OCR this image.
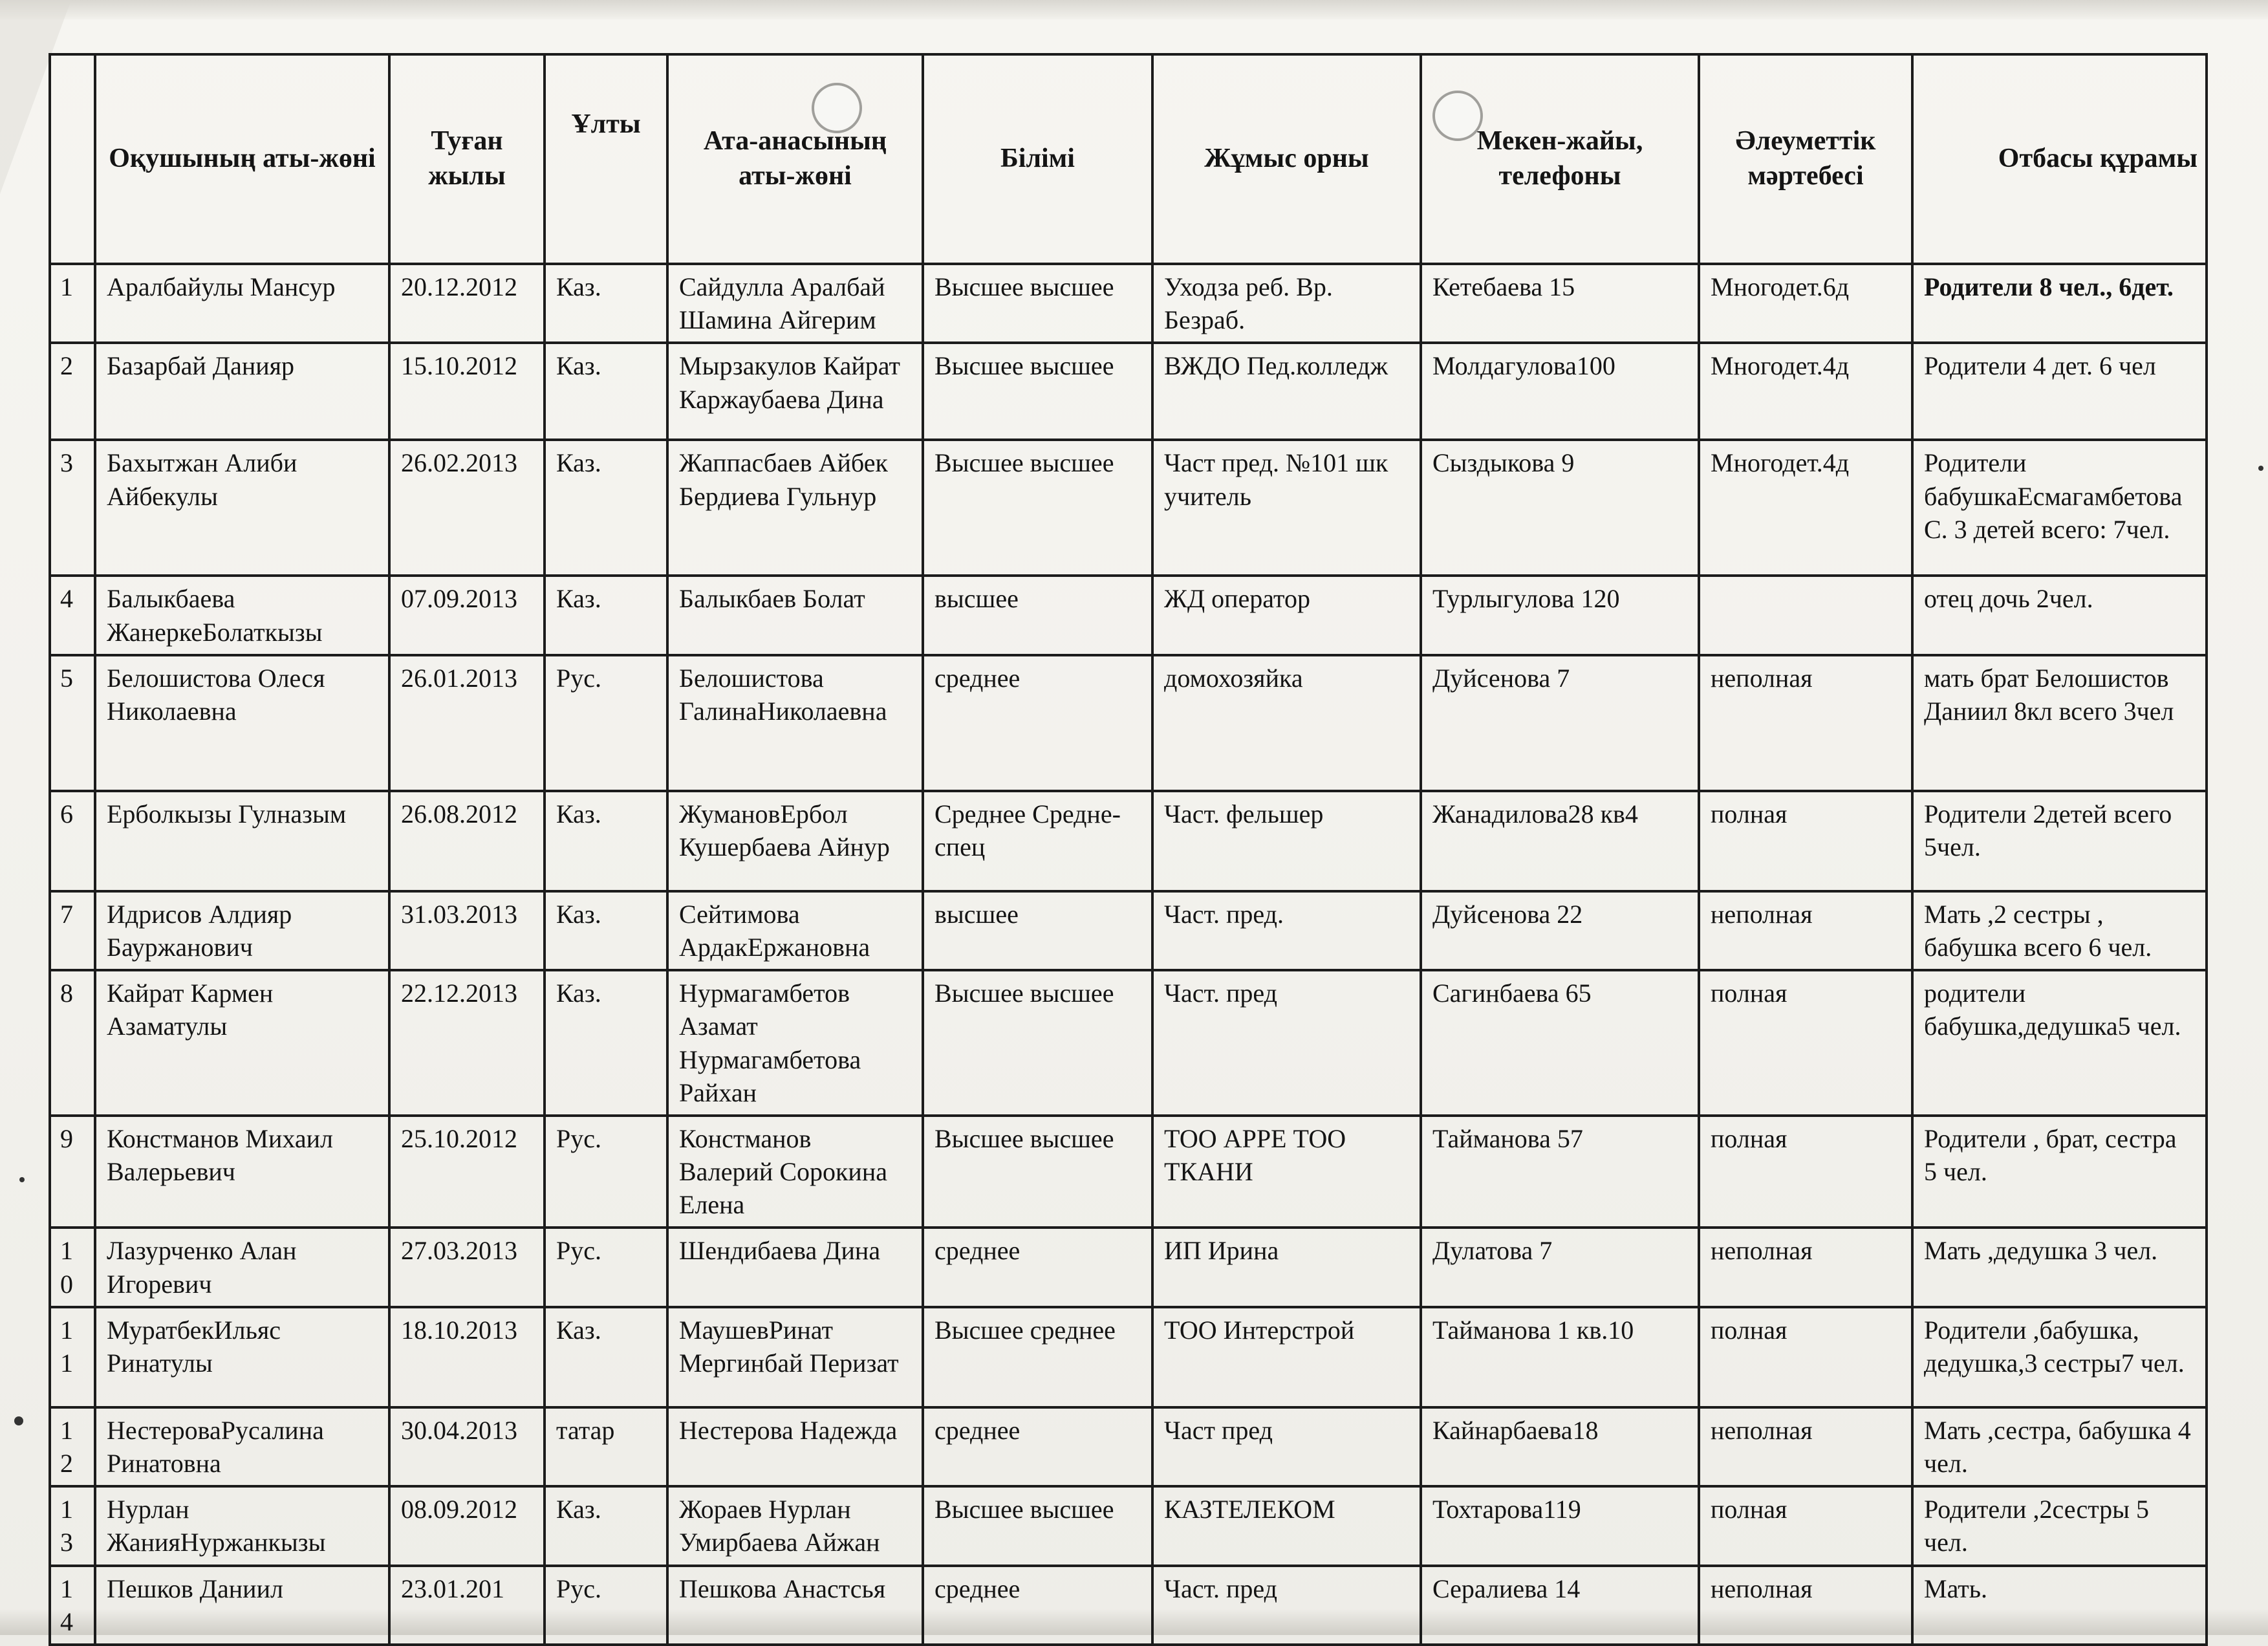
	Оқушының аты-жөні	Туған жылы	Ұлты	Ата-анасының аты-жөні	Білімі	Жұмыс орны	Мекен-жайы, телефоны	Әлеуметтік мәртебесі	Отбасы құрамы
1	Аралбайулы Мансур	20.12.2012	Каз.	Сайдулла Аралбай Шамина Айгерим	Высшее высшее	Уходза реб. Вр. Безраб.	Кетебаева 15	Многодет.6д	Родители 8 чел., 6дет.
2	Базарбай Данияр	15.10.2012	Каз.	Мырзакулов Кайрат Каржаубаева Дина	Высшее высшее	ВЖДО Пед.колледж	Молдагулова100	Многодет.4д	Родители 4 дет. 6 чел
3	Бахытжан Алиби Айбекулы	26.02.2013	Каз.	Жаппасбаев Айбек Бердиева Гульнур	Высшее высшее	Част пред. №101 шк учитель	Сыздыкова 9	Многодет.4д	Родители бабушкаЕсмагамбетова С. 3 детей всего: 7чел.
4	Балыкбаева ЖанеркеБолаткызы	07.09.2013	Каз.	Балыкбаев Болат	высшее	ЖД оператор	Турлыгулова 120		отец дочь 2чел.
5	Белошистова Олеся Николаевна	26.01.2013	Рус.	Белошистова ГалинаНиколаевна	среднее	домохозяйка	Дуйсенова 7	неполная	мать брат Белошистов Даниил 8кл всего 3чел
6	Ерболкызы Гулназым	26.08.2012	Каз.	ЖумановЕрбол Кушербаева Айнур	Среднее Средне-спец	Част. фельшер	Жанадилова28 кв4	полная	Родители 2детей всего 5чел.
7	Идрисов Алдияр Бауржанович	31.03.2013	Каз.	Сейтимова АрдакЕржановна	высшее	Част. пред.	Дуйсенова 22	неполная	Мать ,2 сестры , бабушка всего 6 чел.
8	Кайрат Кармен Азаматулы	22.12.2013	Каз.	Нурмагамбетов Азамат Нурмагамбетова Райхан	Высшее высшее	Част. пред	Сагинбаева 65	полная	родители бабушка,дедушка5 чел.
9	Констманов Михаил Валерьевич	25.10.2012	Рус.	Констманов Валерий Сорокина Елена	Высшее высшее	ТОО АРРЕ ТОО ТКАНИ	Тайманова 57	полная	Родители , брат, сестра 5 чел.
10	Лазурченко Алан Игоревич	27.03.2013	Рус.	Шендибаева Дина	среднее	ИП Ирина	Дулатова 7	неполная	Мать ,дедушка 3 чел.
11	МуратбекИльяс Ринатулы	18.10.2013	Каз.	МаушевРинат Мергинбай Перизат	Высшее среднее	ТОО Интерстрой	Тайманова 1 кв.10	полная	Родители ,бабушка, дедушка,3 сестры7 чел.
12	НестероваРусалина Ринатовна	30.04.2013	татар	Нестерова Надежда	среднее	Част пред	Кайнарбаева18	неполная	Мать ,сестра, бабушка 4 чел.
13	Нурлан ЖанияНуржанкызы	08.09.2012	Каз.	Жораев Нурлан Умирбаева Айжан	Высшее высшее	КАЗТЕЛЕКОМ	Тохтарова119	полная	Родители ,2сестры 5 чел.
14	Пешков Даниил	23.01.201	Рус.	Пешкова Анастсья	среднее	Част. пред	Сералиева 14	неполная	Мать.
